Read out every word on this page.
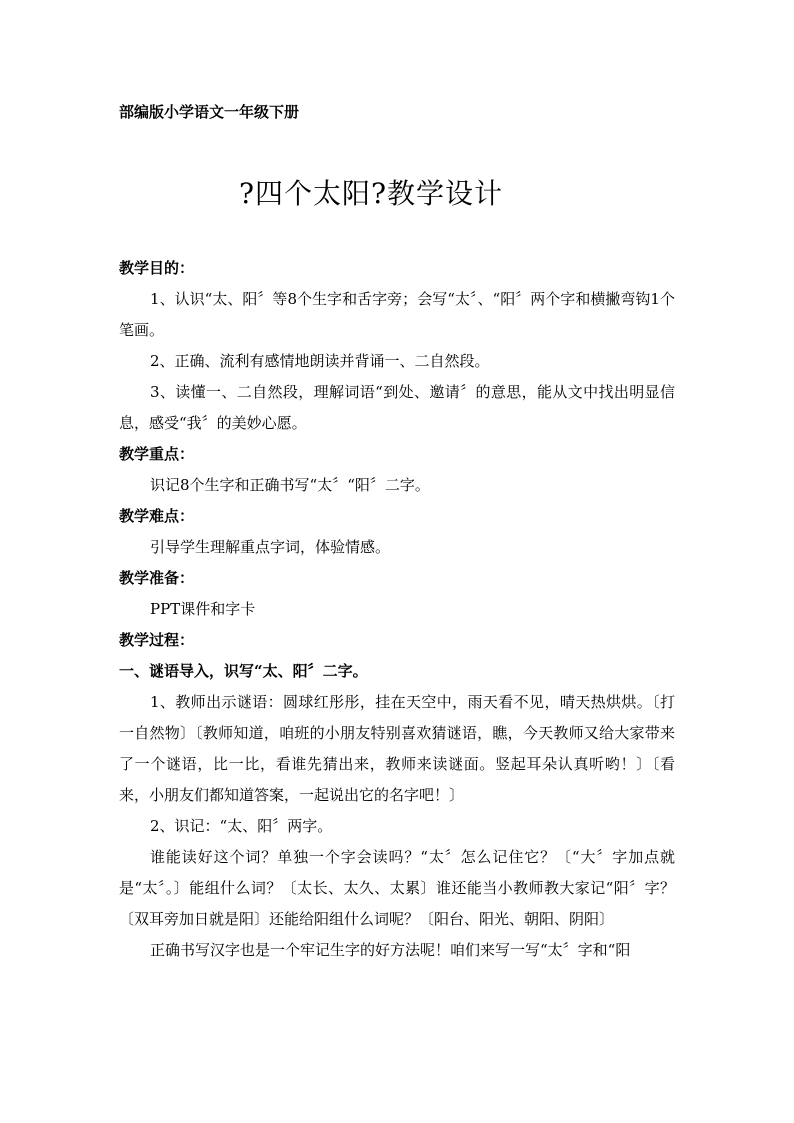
部编版小学语文一年级下册
?四个太阳?教学设计

教学目的：

1、认识“太、阳〞等8个生字和舌字旁；会写“太〞、“阳〞两个字和横撇弯钩1个笔画。

2、正确、流利有感情地朗读并背诵一、二自然段。

3、读懂一、二自然段，理解词语“到处、邀请〞的意思，能从文中找出明显信息，感受“我〞的美妙心愿。

教学重点：

识记8个生字和正确书写“太〞“阳〞二字。

教学难点：

引导学生理解重点字词，体验情感。

教学准备：

PPT课件和字卡

教学过程：

一、谜语导入，识写“太、阳〞二字。

1、教师出示谜语：圆球红彤彤，挂在天空中，雨天看不见，晴天热烘烘。〔打一自然物〕〔教师知道，咱班的小朋友特别喜欢猜谜语，瞧，今天教师又给大家带来了一个谜语，比一比，看谁先猜出来，教师来读谜面。竖起耳朵认真听哟！〕〔看来，小朋友们都知道答案，一起说出它的名字吧！〕

2、识记：“太、阳〞两字。

谁能读好这个词？单独一个字会读吗？“太〞怎么记住它？〔“大〞字加点就是“太〞。〕能组什么词？〔太长、太久、太累〕谁还能当小教师教大家记“阳〞字？〔双耳旁加日就是阳〕还能给阳组什么词呢？〔阳台、阳光、朝阳、阴阳〕

正确书写汉字也是一个牢记生字的好方法呢！咱们来写一写“太〞字和“阳
